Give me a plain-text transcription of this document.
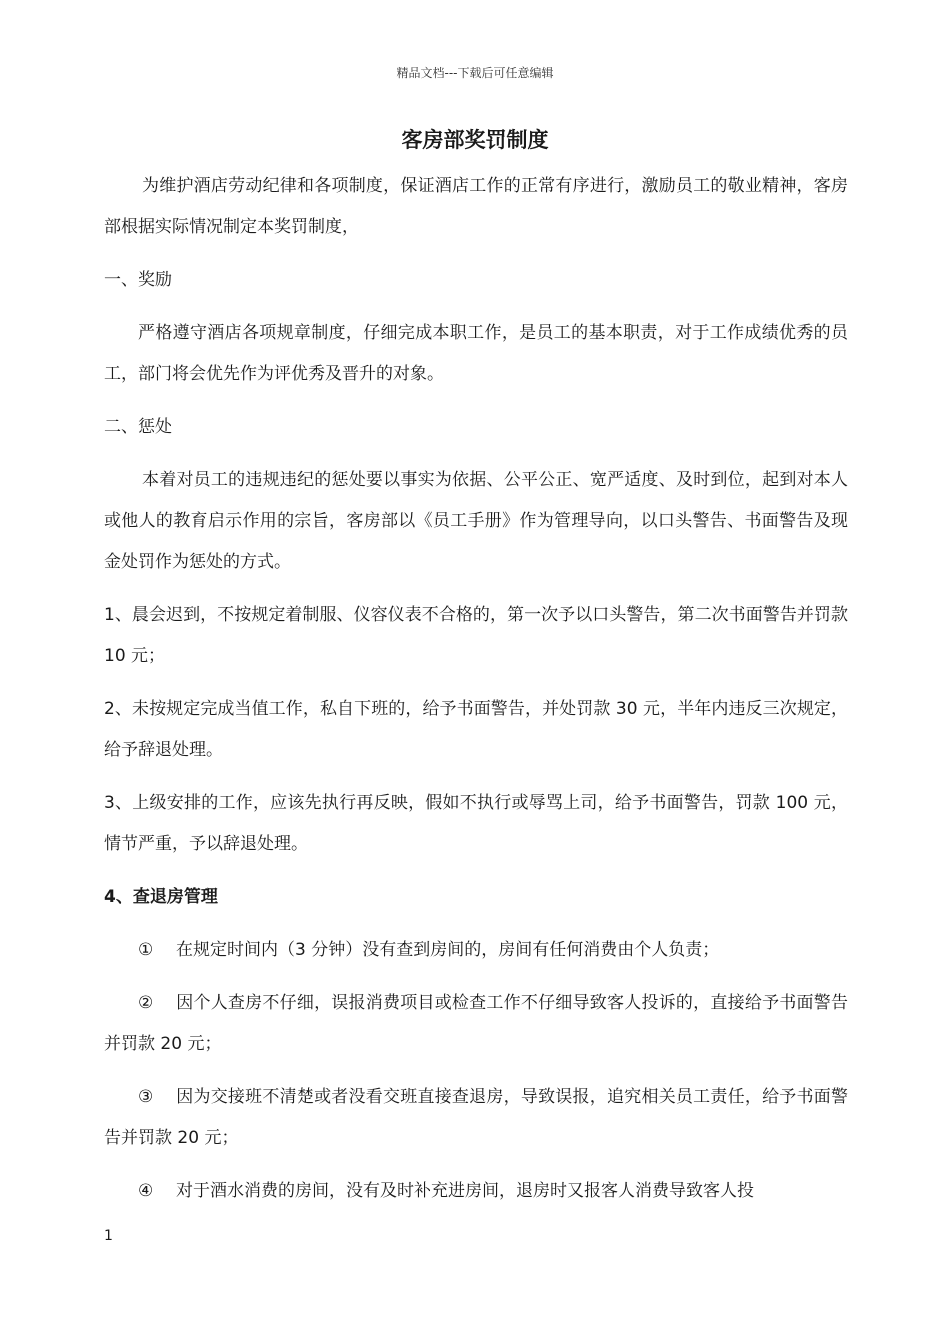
精品文档---下载后可任意编辑
客房部奖罚制度

为维护酒店劳动纪律和各项制度，保证酒店工作的正常有序进行，激励员工的敬业精神，客房部根据实际情况制定本奖罚制度，

一、奖励

严格遵守酒店各项规章制度，仔细完成本职工作，是员工的基本职责，对于工作成绩优秀的员工，部门将会优先作为评优秀及晋升的对象。

二、惩处

本着对员工的违规违纪的惩处要以事实为依据、公平公正、宽严适度、及时到位，起到对本人或他人的教育启示作用的宗旨，客房部以《员工手册》作为管理导向，以口头警告、书面警告及现金处罚作为惩处的方式。

1、晨会迟到，不按规定着制服、仪容仪表不合格的，第一次予以口头警告，第二次书面警告并罚款 10 元；

2、未按规定完成当值工作，私自下班的，给予书面警告，并处罚款 30 元，半年内违反三次规定，给予辞退处理。

3、上级安排的工作，应该先执行再反映，假如不执行或辱骂上司，给予书面警告，罚款 100 元，情节严重，予以辞退处理。

4、查退房管理

① 在规定时间内（3 分钟）没有查到房间的，房间有任何消费由个人负责；

② 因个人查房不仔细，误报消费项目或检查工作不仔细导致客人投诉的，直接给予书面警告并罚款 20 元；

③ 因为交接班不清楚或者没看交班直接查退房，导致误报，追究相关员工责任，给予书面警告并罚款 20 元；

④ 对于酒水消费的房间，没有及时补充进房间，退房时又报客人消费导致客人投

1
